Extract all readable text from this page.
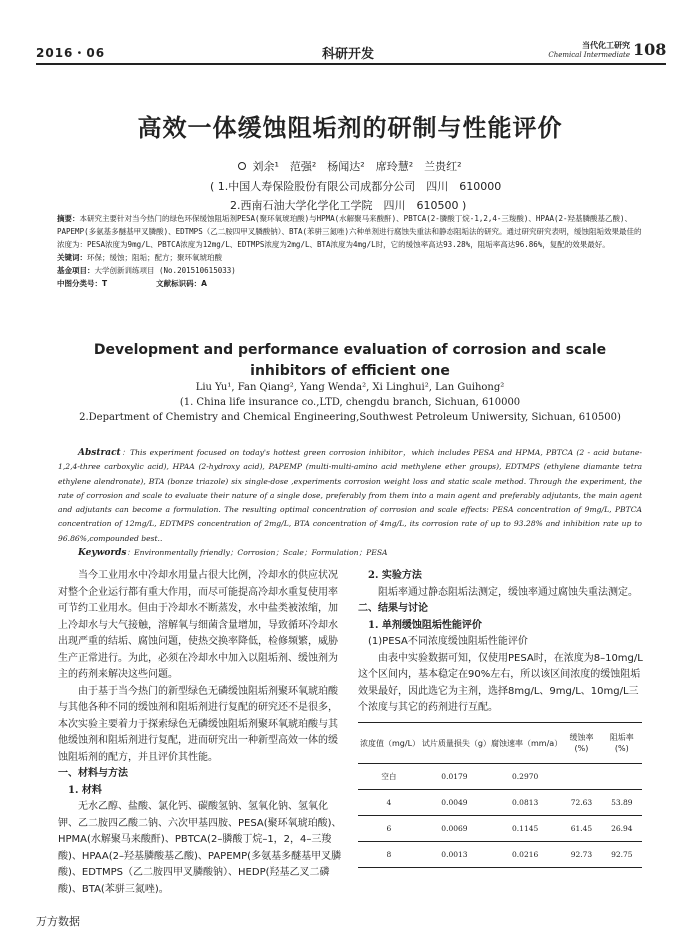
2016・06	科研开发
当代化工研究
Chemical Intermediate 108
高效一体缓蚀阻垢剂的研制与性能评价
刘余¹　范强²　杨闻达²　席玲慧²　兰贵红²
( 1.中国人寿保险股份有限公司成都分公司　四川　610000
2.西南石油大学化学化工学院　四川　610500 )
摘要：本研究主要针对当今热门的绿色环保缓蚀阻垢剂PESA(聚环氧琥珀酸)与HPMA(水解聚马来酸酐)、PBTCA(2-膦酸丁烷-1,2,4-三羧酸)、HPAA(2-羟基膦酸基乙酸)、PAPEMP(多氨基多醚基甲叉膦酸)、EDTMPS（乙二胺四甲叉膦酸钠）、BTA(苯骈三氮唑)六种单剂进行腐蚀失重法和静态阻垢法的研究。通过研究研究表明，缓蚀阻垢效果最佳的浓度为：PESA浓度为9mg/L、PBTCA浓度为12mg/L、EDTMPS浓度为2mg/L、BTA浓度为4mg/L时，它的缓蚀率高达93.28%，阻垢率高达96.86%，复配的效果最好。
关键词：环保；缓蚀；阻垢；配方；聚环氧琥珀酸
基金项目：大学创新训练项目 (No.201510615033)
中图分类号：T	文献标识码：A
Development and performance evaluation of corrosion and scale
inhibitors of efficient one
Liu Yu¹, Fan Qiang², Yang Wenda², Xi Linghui², Lan Guihong²
(1. China life insurance co.,LTD, chengdu branch, Sichuan, 610000
2.Department of Chemistry and Chemical Engineering,Southwest Petroleum Uniwersity, Sichuan, 610500)
Abstract：This experiment focused on today's hottest green corrosion inhibitor，which includes PESA and HPMA, PBTCA (2 - acid butane-1,2,4-three carboxylic acid), HPAA (2-hydroxy acid), PAPEMP (multi-multi-amino acid methylene ether groups), EDTMPS (ethylene diamante tetra ethylene alendronate), BTA (bonze triazole) six single-dose ,experiments corrosion weight loss and static scale method. Through the experiment, the rate of corrosion and scale to evaluate their nature of a single dose, preferably from them into a main agent and preferably adjutants, the main agent and adjutants can become a formulation. The resulting optimal concentration of corrosion and scale effects: PESA concentration of 9mg/L, PBTCA concentration of 12mg/L, EDTMPS concentration of 2mg/L, BTA concentration of 4mg/L, its corrosion rate of up to 93.28% and inhibition rate up to 96.86%,compounded best..
Keywords：Environmentally friendly；Corrosion；Scale；Formulation；PESA

当今工业用水中冷却水用量占很大比例，冷却水的供应状况对整个企业运行都有重大作用，而尽可能提高冷却水重复使用率可节约工业用水。但由于冷却水不断蒸发，水中盐类被浓缩，加上冷却水与大气接触，溶解氧与细菌含量增加，导致循环冷却水出现严重的结垢、腐蚀问题，使热交换率降低，检修频繁，威胁生产正常进行。为此，必须在冷却水中加入以阻垢剂、缓蚀剂为主的药剂来解决这些问题。

由于基于当今热门的新型绿色无磷缓蚀阻垢剂聚环氧琥珀酸与其他各种不同的缓蚀剂和阻垢剂进行复配的研究还不是很多，本次实验主要着力于探索绿色无磷缓蚀阻垢剂聚环氧琥珀酸与其他缓蚀剂和阻垢剂进行复配，进而研究出一种新型高效一体的缓蚀阻垢剂的配方，并且评价其性能。

一、材料与方法
1. 材料

无水乙醇、盐酸、氯化钙、碳酸氢钠、氢氧化钠、氢氧化钾、乙二胺四乙酸二钠、六次甲基四胺、PESA(聚环氧琥珀酸)、HPMA(水解聚马来酸酐)、PBTCA(2–膦酸丁烷–1，2，4–三羧酸)、HPAA(2–羟基膦酸基乙酸)、PAPEMP(多氨基多醚基甲叉膦酸)、EDTMPS（乙二胺四甲叉膦酸钠）、HEDP(羟基乙叉二磷酸)、BTA(苯骈三氮唑)。

2. 实验方法

阻垢率通过静态阻垢法测定，缓蚀率通过腐蚀失重法测定。

二、结果与讨论
1. 单剂缓蚀阻垢性能评价
(1)PESA不同浓度缓蚀阻垢性能评价

由表中实验数据可知，仅使用PESA时，在浓度为8–10mg/L这个区间内，基本稳定在90%左右，所以该区间浓度的缓蚀阻垢效果最好，因此选它为主剂，选择8mg/L、9mg/L、10mg/L三个浓度与其它的药剂进行互配。

浓度值（mg/L）	试片质量损失（g）	腐蚀速率（mm/a）	缓蚀率(%)	阻垢率(%)
空白	0.0179	0.2970		
4	0.0049	0.0813	72.63	53.89
6	0.0069	0.1145	61.45	26.94
8	0.0013	0.0216	92.73	92.75
万方数据
